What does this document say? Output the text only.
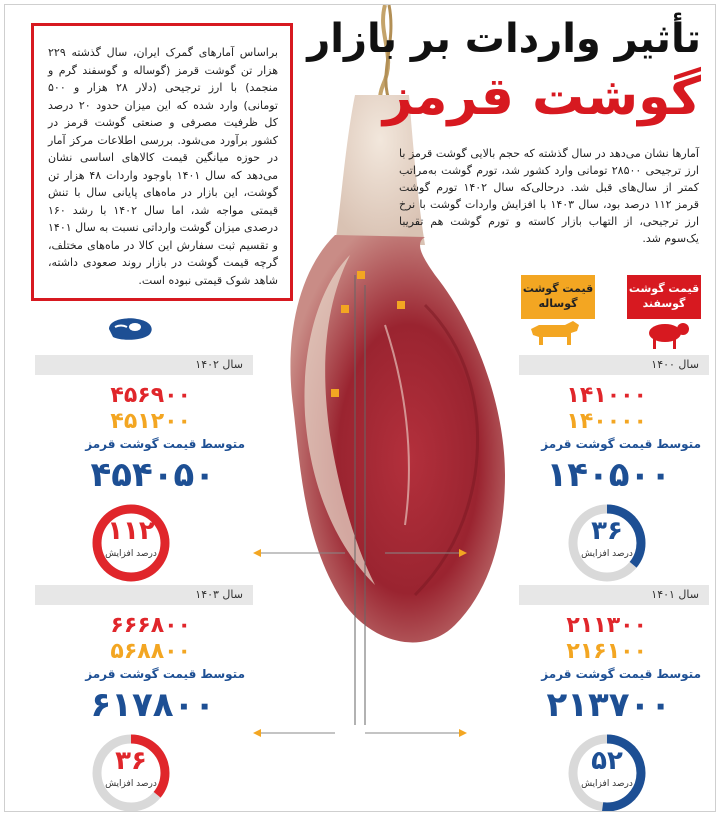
تأثیر واردات بر بازار
گوشت قرمز
آمارها نشان می‌دهد در سال گذشته که حجم بالایی گوشت قرمز با ارز ترجیحی ۲۸۵۰۰ تومانی وارد کشور شد، تورم گوشت به‌مراتب کمتر از سال‌های قبل شد. درحالی‌که سال ۱۴۰۲ تورم گوشت قرمز ۱۱۲ درصد بود، سال ۱۴۰۳ با افزایش واردات گوشت با نرخ ارز ترجیحی، از التهاب بازار کاسته و تورم گوشت هم تقریبا یک‌سوم شد.
براساس آمارهای گمرک ایران، سال گذشته ۲۲۹ هزار تن گوشت قرمز (گوساله و گوسفند گرم و منجمد) با ارز ترجیحی (دلار ۲۸ هزار و ۵۰۰ تومانی) وارد شده که این میزان حدود ۲۰ درصد کل ظرفیت مصرفی و صنعتی گوشت قرمز در کشور برآورد می‌شود. بررسی اطلاعات مرکز آمار در حوزه میانگین قیمت کالاهای اساسی نشان می‌دهد که سال ۱۴۰۱ باوجود واردات ۴۸ هزار تن گوشت، این بازار در ماه‌های پایانی سال با تنش قیمتی مواجه شد، اما سال ۱۴۰۲ با رشد ۱۶۰ درصدی میزان گوشت وارداتی نسبت به سال ۱۴۰۱ و تقسیم ثبت سفارش این کالا در ماه‌های مختلف، گرچه قیمت گوشت در بازار روند صعودی داشته، شاهد شوک قیمتی نبوده است.
قیمت گوشت گوساله
قیمت گوشت گوسفند
سال ۱۴۰۰
۱۴۱۰۰۰
۱۴۰۰۰۰
متوسط قیمت گوشت قرمز
۱۴۰۵۰۰
۳۶
درصد افزایش
سال ۱۴۰۱
۲۱۱۳۰۰
۲۱۶۱۰۰
متوسط قیمت گوشت قرمز
۲۱۳۷۰۰
۵۲
درصد افزایش
سال ۱۴۰۲
۴۵۶۹۰۰
۴۵۱۲۰۰
متوسط قیمت گوشت قرمز
۴۵۴۰۵۰
۱۱۲
درصد افزایش
سال ۱۴۰۳
۶۶۶۸۰۰
۵۶۸۸۰۰
متوسط قیمت گوشت قرمز
۶۱۷۸۰۰
۳۶
درصد افزایش
